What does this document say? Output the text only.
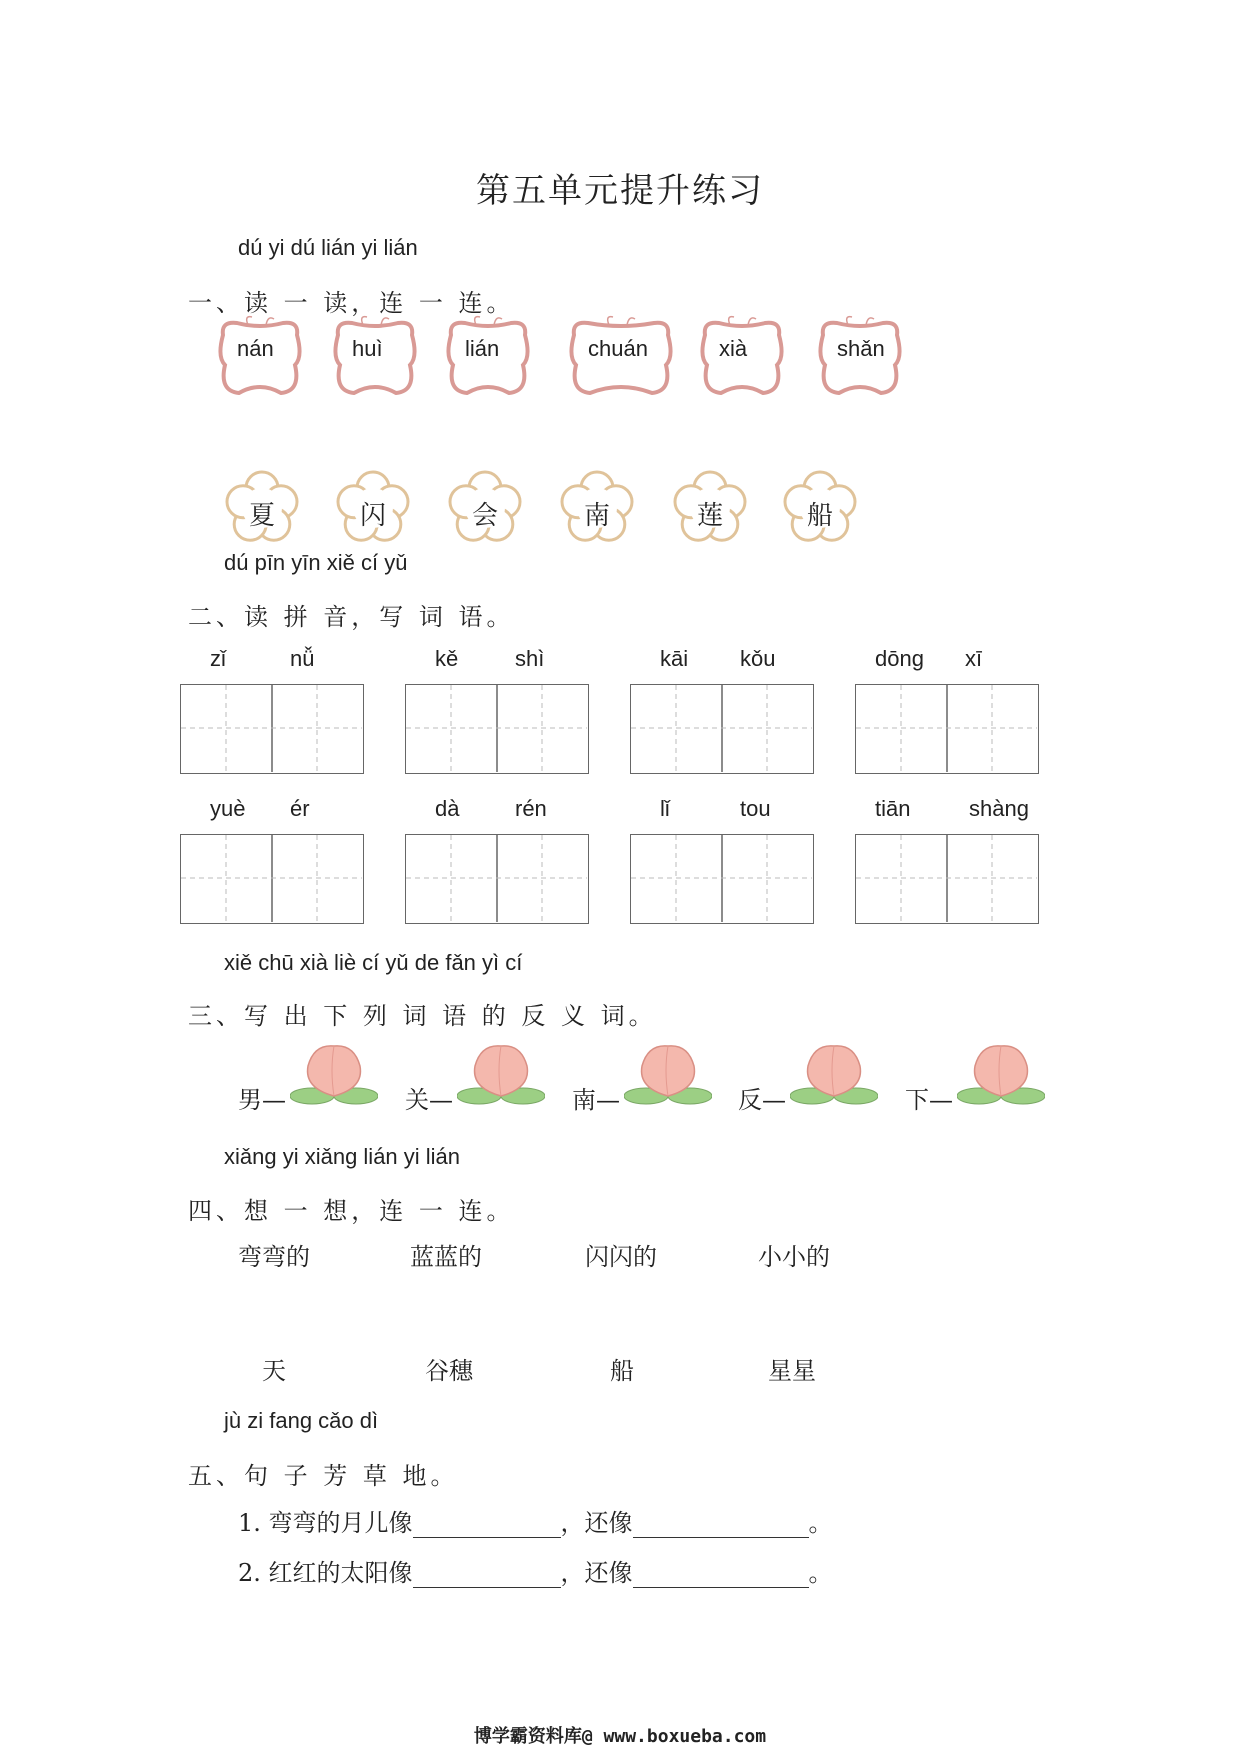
第五单元提升练习
dú yi dú lián yi lián
一、读 一 读，连 一 连。
nán	huì	lián	chuán	xià	shǎn
夏	闪	会	南	莲	船
dú pīn yīn xiě cí yǔ
二、读 拼 音，写 词 语。
zǐ	nǚ	kě	shì	kāi kǒu	dōng xī
yuè ér	dà	rén	lǐ	tou	tiān	shàng
xiě chū xià liè cí yǔ de fǎn yì cí
三、写 出 下 列 词 语 的 反 义 词。
男—	关—	南—	反—	下—
xiǎng yi xiǎng lián yi lián
四、想 一 想，连 一 连。
弯弯的	蓝蓝的	闪闪的	小小的
天	谷穗	船	星星
jù zi fang cǎo dì
五、句 子 芳 草 地。
1. 弯弯的月儿像	，还像	。
2. 红红的太阳像	，还像	。
博学霸资料库@ www.boxueba.com
